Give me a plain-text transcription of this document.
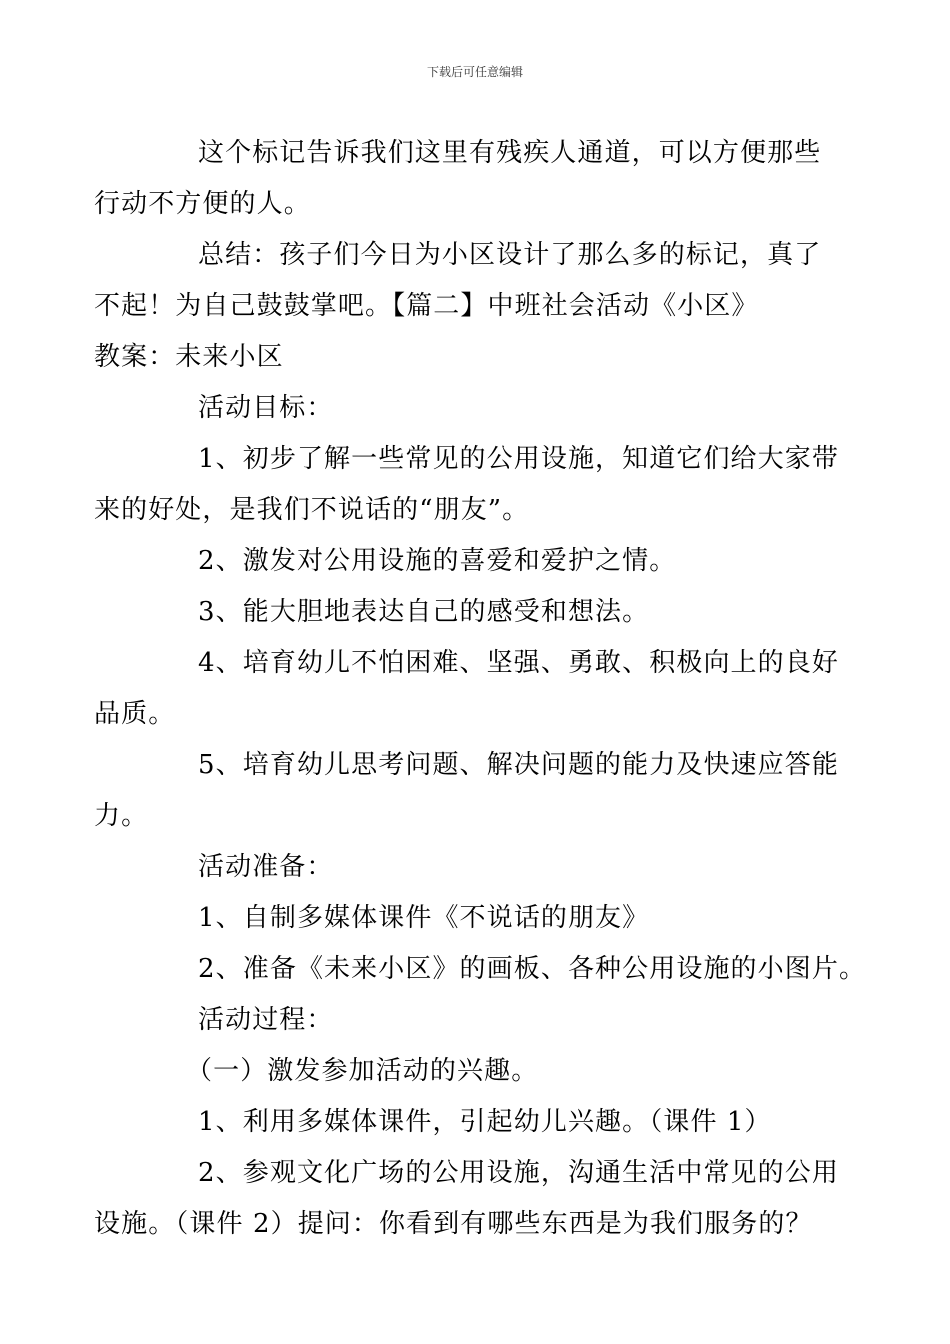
下载后可任意编辑
这个标记告诉我们这里有残疾人通道，可以方便那些
行动不方便的人。
总结：孩子们今日为小区设计了那么多的标记，真了
不起！为自己鼓鼓掌吧。【篇二】中班社会活动《小区》
教案：未来小区
活动目标：
1、初步了解一些常见的公用设施，知道它们给大家带
来的好处，是我们不说话的“朋友”。
2、激发对公用设施的喜爱和爱护之情。
3、能大胆地表达自己的感受和想法。
4、培育幼儿不怕困难、坚强、勇敢、积极向上的良好
品质。
5、培育幼儿思考问题、解决问题的能力及快速应答能
力。
活动准备：
1、自制多媒体课件《不说话的朋友》
2、准备《未来小区》的画板、各种公用设施的小图片。
活动过程：
（一）激发参加活动的兴趣。
1、利用多媒体课件，引起幼儿兴趣。（课件 1）
2、参观文化广场的公用设施，沟通生活中常见的公用
设施。（课件 2）提问：你看到有哪些东西是为我们服务的？
